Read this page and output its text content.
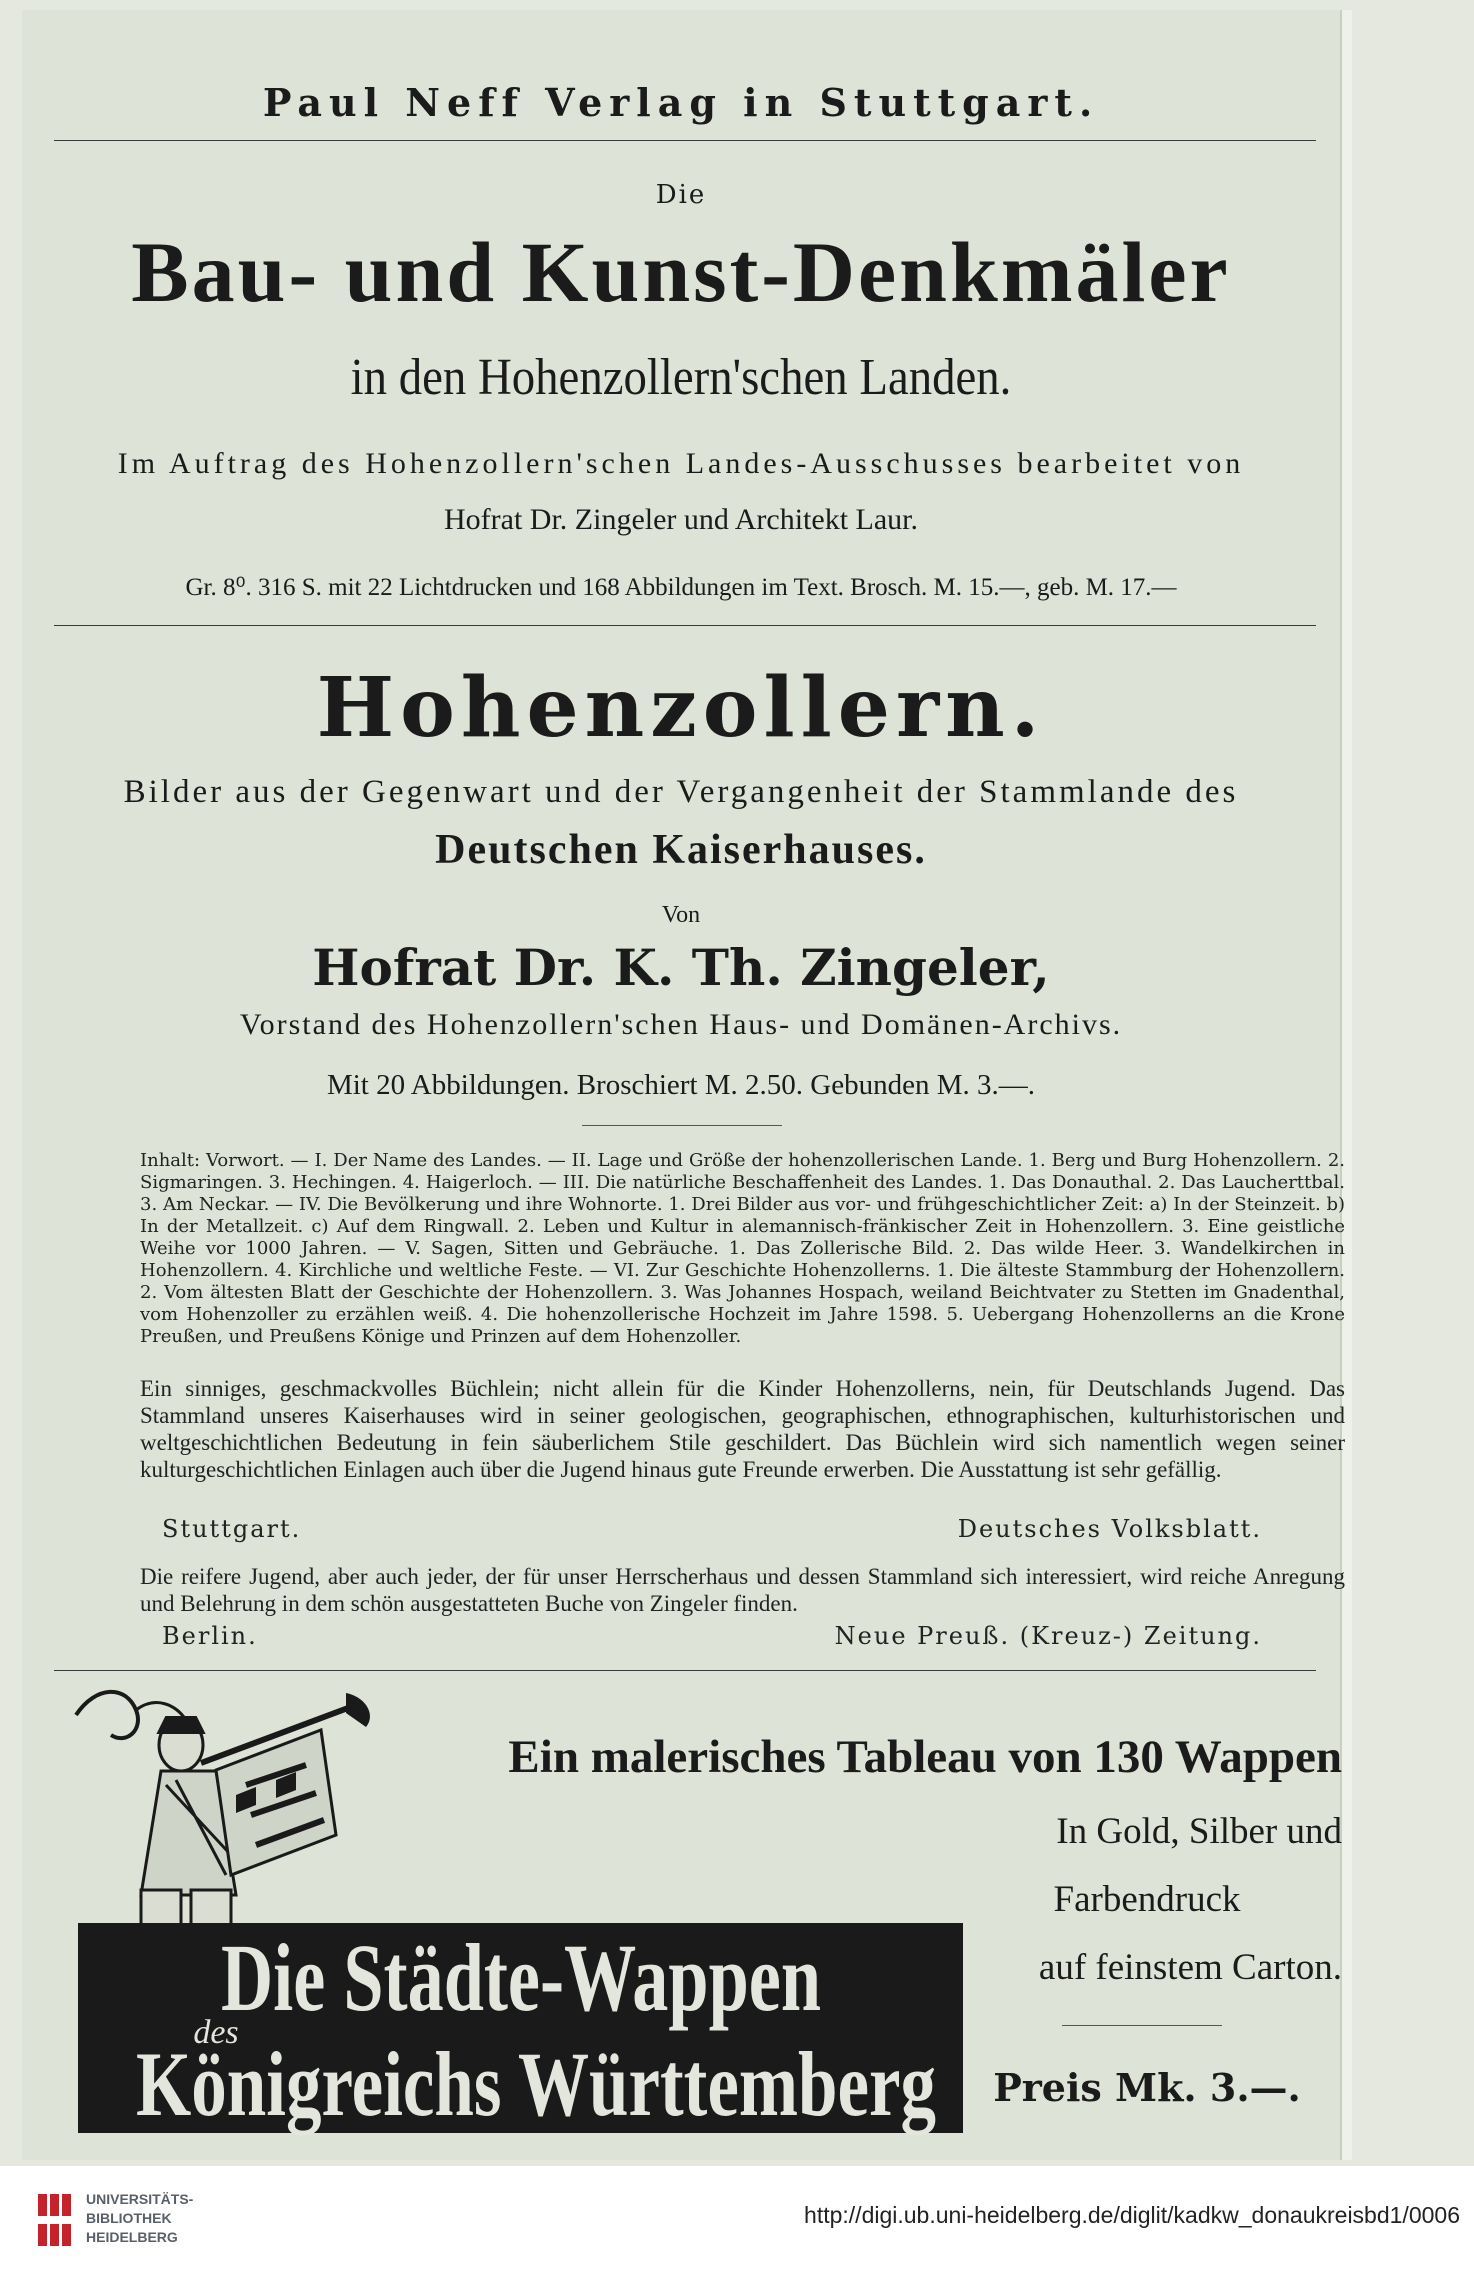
Paul Neff Verlag in Stuttgart.
Die
Bau- und Kunst-Denkmäler
in den Hohenzollern'schen Landen.
Im Auftrag des Hohenzollern'schen Landes-Ausschusses bearbeitet von
Hofrat Dr. Zingeler und Architekt Laur.
Gr. 8⁰. 316 S. mit 22 Lichtdrucken und 168 Abbildungen im Text. Brosch. M. 15.—, geb. M. 17.—
Hohenzollern.
Bilder aus der Gegenwart und der Vergangenheit der Stammlande des
Deutschen Kaiserhauses.
Von
Hofrat Dr. K. Th. Zingeler,
Vorstand des Hohenzollern'schen Haus- und Domänen-Archivs.
Mit 20 Abbildungen. Broschiert M. 2.50. Gebunden M. 3.—.
Inhalt: Vorwort. — I. Der Name des Landes. — II. Lage und Größe der hohenzollerischen Lande. 1. Berg und Burg Hohenzollern. 2. Sigmaringen. 3. Hechingen. 4. Haigerloch. — III. Die natürliche Beschaffenheit des Landes. 1. Das Donauthal. 2. Das Laucherttbal. 3. Am Neckar. — IV. Die Bevölkerung und ihre Wohnorte. 1. Drei Bilder aus vor- und frühgeschichtlicher Zeit: a) In der Steinzeit. b) In der Metallzeit. c) Auf dem Ringwall. 2. Leben und Kultur in alemannisch-fränkischer Zeit in Hohenzollern. 3. Eine geistliche Weihe vor 1000 Jahren. — V. Sagen, Sitten und Gebräuche. 1. Das Zollerische Bild. 2. Das wilde Heer. 3. Wandelkirchen in Hohenzollern. 4. Kirchliche und weltliche Feste. — VI. Zur Geschichte Hohenzollerns. 1. Die älteste Stammburg der Hohenzollern. 2. Vom ältesten Blatt der Geschichte der Hohenzollern. 3. Was Johannes Hospach, weiland Beichtvater zu Stetten im Gnadenthal, vom Hohenzoller zu erzählen weiß. 4. Die hohenzollerische Hochzeit im Jahre 1598. 5. Uebergang Hohenzollerns an die Krone Preußen, und Preußens Könige und Prinzen auf dem Hohenzoller.
Ein sinniges, geschmackvolles Büchlein; nicht allein für die Kinder Hohenzollerns, nein, für Deutschlands Jugend. Das Stammland unseres Kaiserhauses wird in seiner geologischen, geographischen, ethnographischen, kulturhistorischen und weltgeschichtlichen Bedeutung in fein säuberlichem Stile geschildert. Das Büchlein wird sich namentlich wegen seiner kulturgeschichtlichen Einlagen auch über die Jugend hinaus gute Freunde erwerben. Die Ausstattung ist sehr gefällig.
Stuttgart.	Deutsches Volksblatt.
Die reifere Jugend, aber auch jeder, der für unser Herrscherhaus und dessen Stammland sich interessiert, wird reiche Anregung und Belehrung in dem schön ausgestatteten Buche von Zingeler finden.
Berlin.	Neue Preuß. (Kreuz-) Zeitung.
Die Städte-Wappen
des
Königreichs Württemberg
Ein malerisches Tableau von 130 Wappen
In Gold, Silber und
Farbendruck
auf feinstem Carton.
Preis Mk. 3.—.
UNIVERSITÄTS-
BIBLIOTHEK
HEIDELBERG
http://digi.ub.uni-heidelberg.de/diglit/kadkw_donaukreisbd1/0006
